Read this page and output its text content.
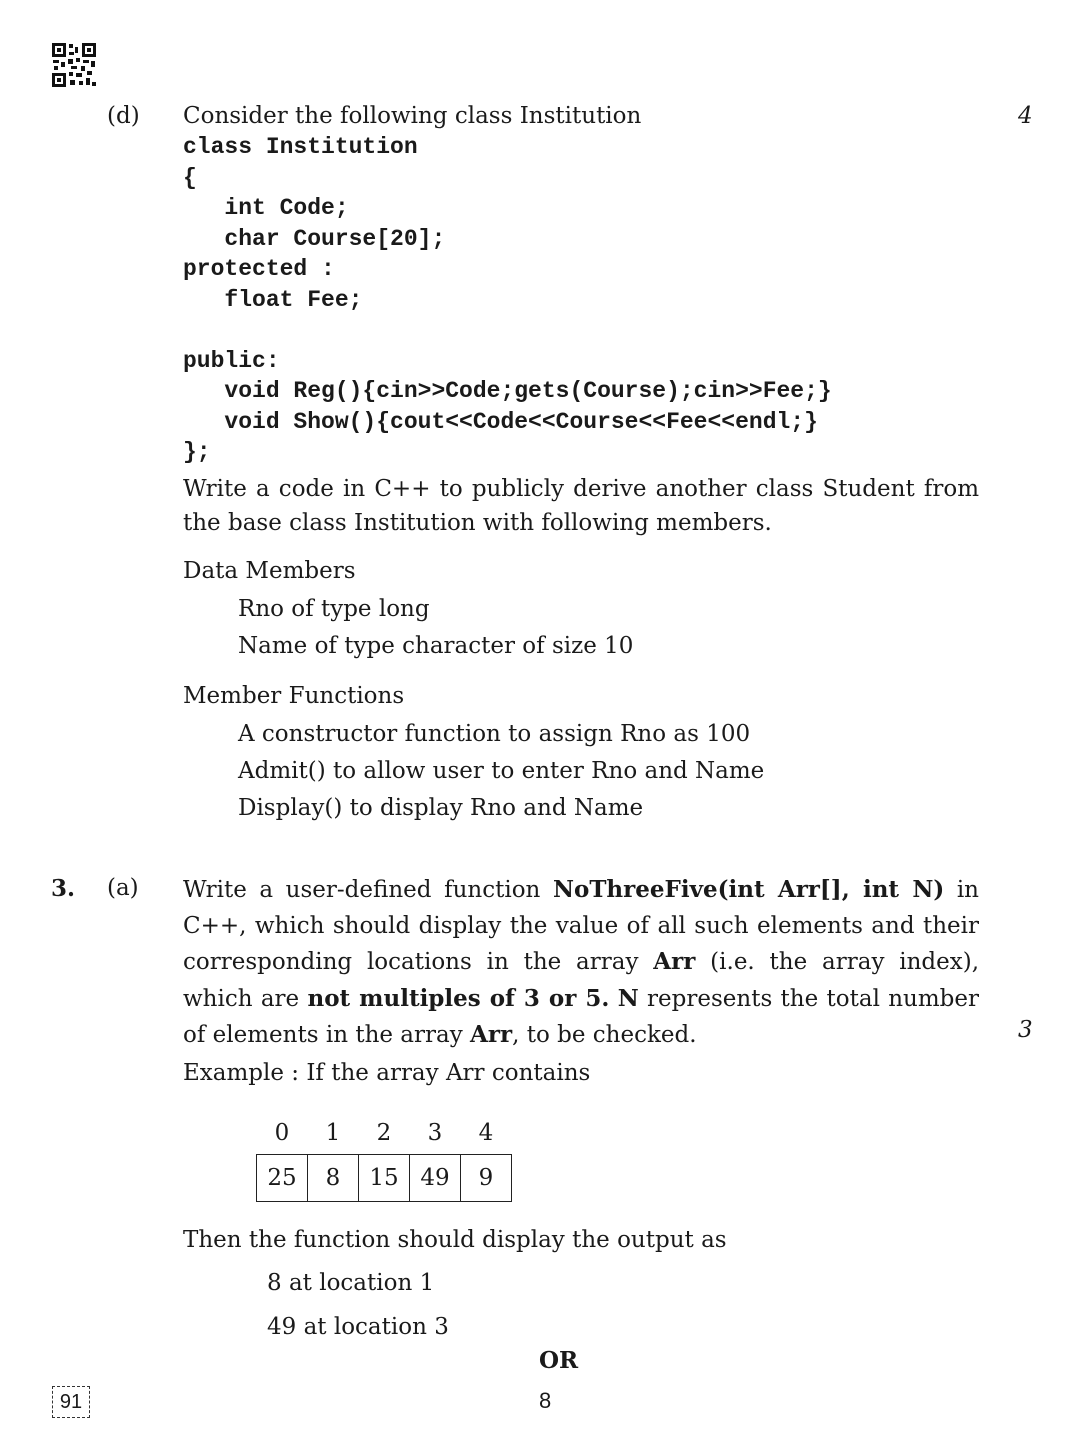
(d) Consider the following class Institution	4
class Institution
{
int Code;
char Course[20];
protected :
float Fee;
public:
void Reg(){cin>>Code;gets(Course);cin>>Fee;}
void Show(){cout<<Code<<Course<<Fee<<endl;}
};
Write a code in C++ to publicly derive another class Student from the base class Institution with following members.
Data Members
Rno of type long
Name of type character of size 10
Member Functions
A constructor function to assign Rno as 100
Admit() to allow user to enter Rno and Name
Display() to display Rno and Name
3. (a) Write a user-defined function NoThreeFive(int Arr[], int N) in C++, which should display the value of all such elements and their corresponding locations in the array Arr (i.e. the array index), which are not multiples of 3 or 5. N represents the total number of elements in the array Arr, to be checked.	3
Example : If the array Arr contains
0	1	2	3	4
25	8	15	49	9
Then the function should display the output as
8 at location 1
49 at location 3
OR
91	8
